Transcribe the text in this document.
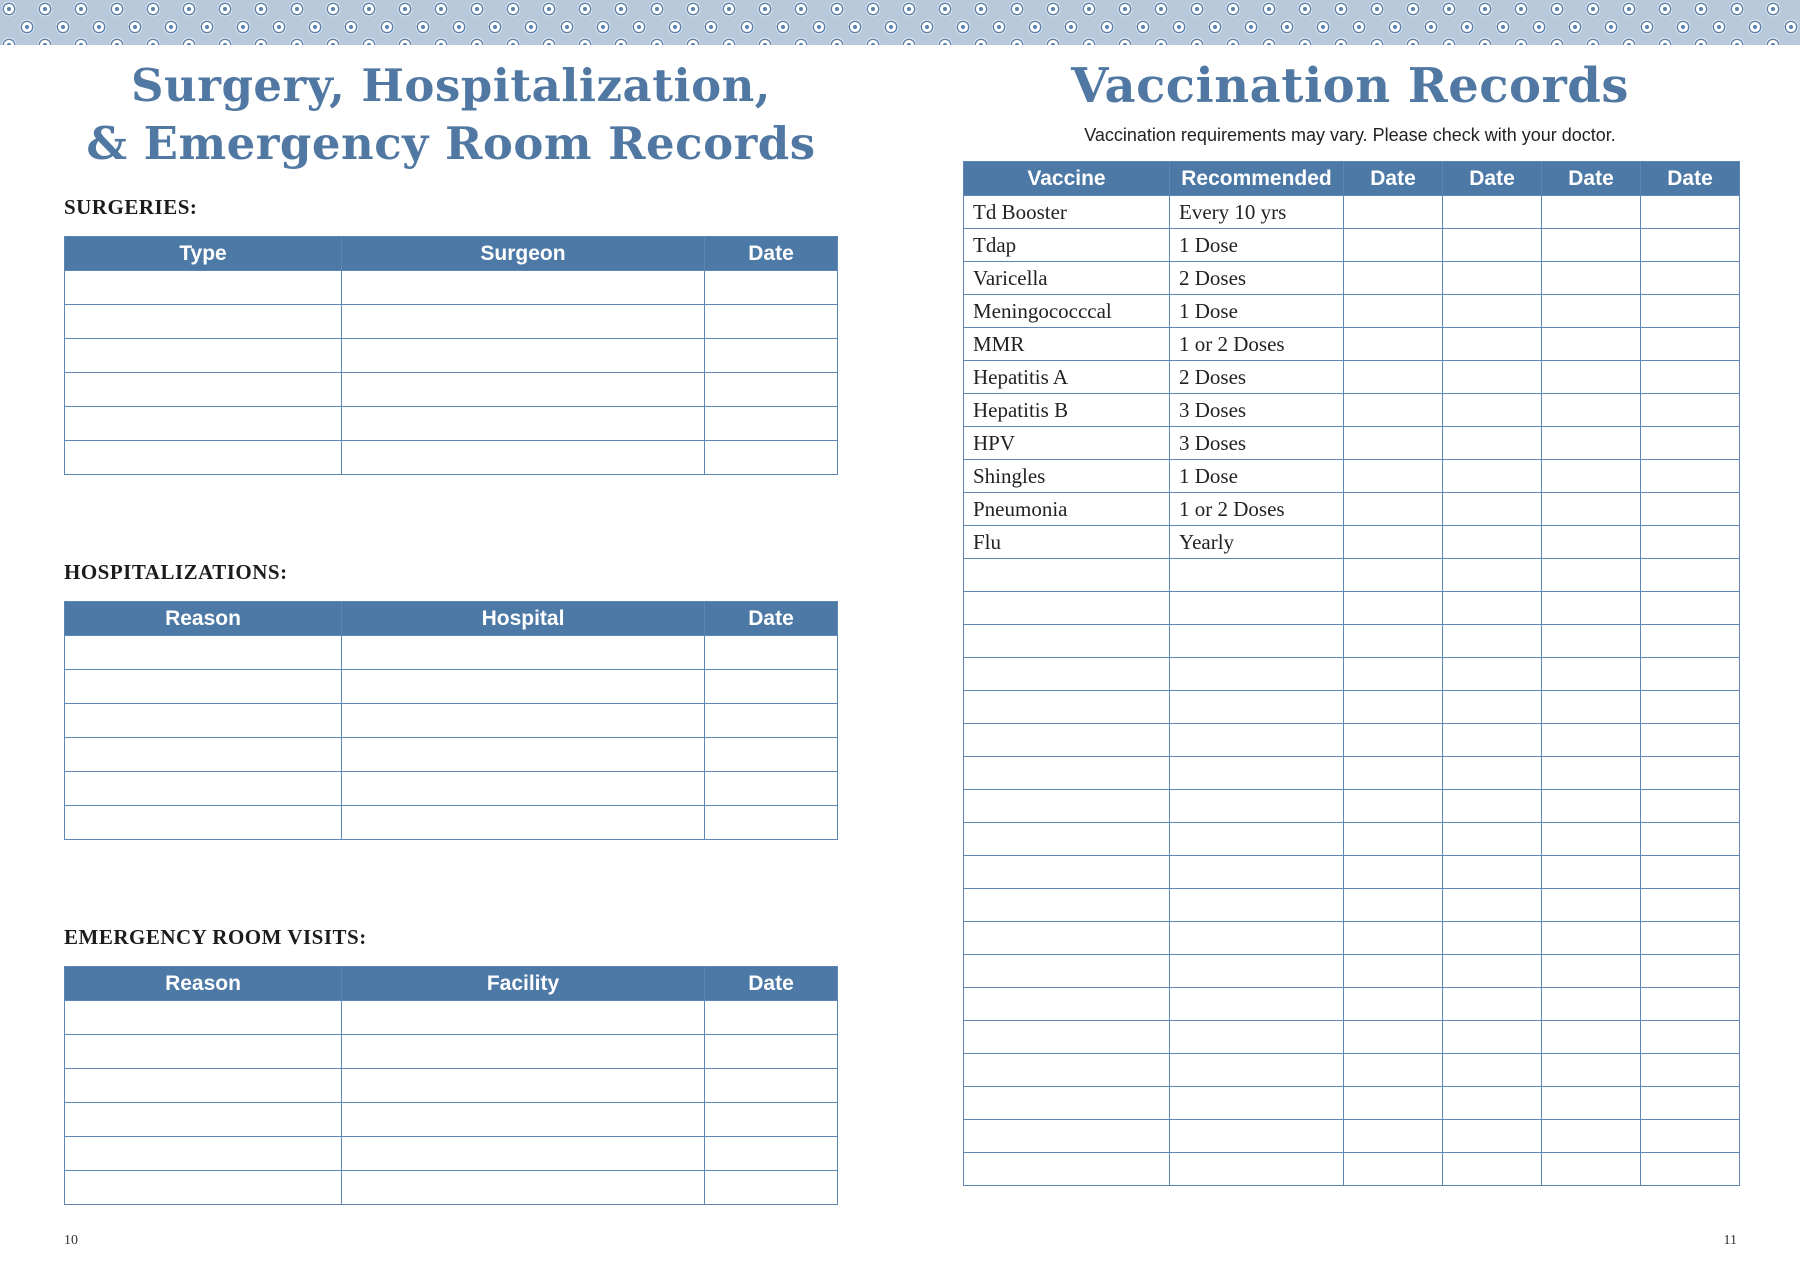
Surgery, Hospitalization,
& Emergency Room Records
SURGERIES:
Type	Surgeon	Date

HOSPITALIZATIONS:
Reason	Hospital	Date

EMERGENCY ROOM VISITS:
Reason	Facility	Date

10
Vaccination Records
Vaccination requirements may vary. Please check with your doctor.
Vaccine	Recommended	Date	Date	Date	Date
Td Booster	Every 10 yrs				
Tdap	1 Dose				
Varicella	2 Doses				
Meningococccal	1 Dose				
MMR	1 or 2 Doses				
Hepatitis A	2 Doses				
Hepatitis B	3 Doses				
HPV	3 Doses				
Shingles	1 Dose				
Pneumonia	1 or 2 Doses				
Flu	Yearly				

11
